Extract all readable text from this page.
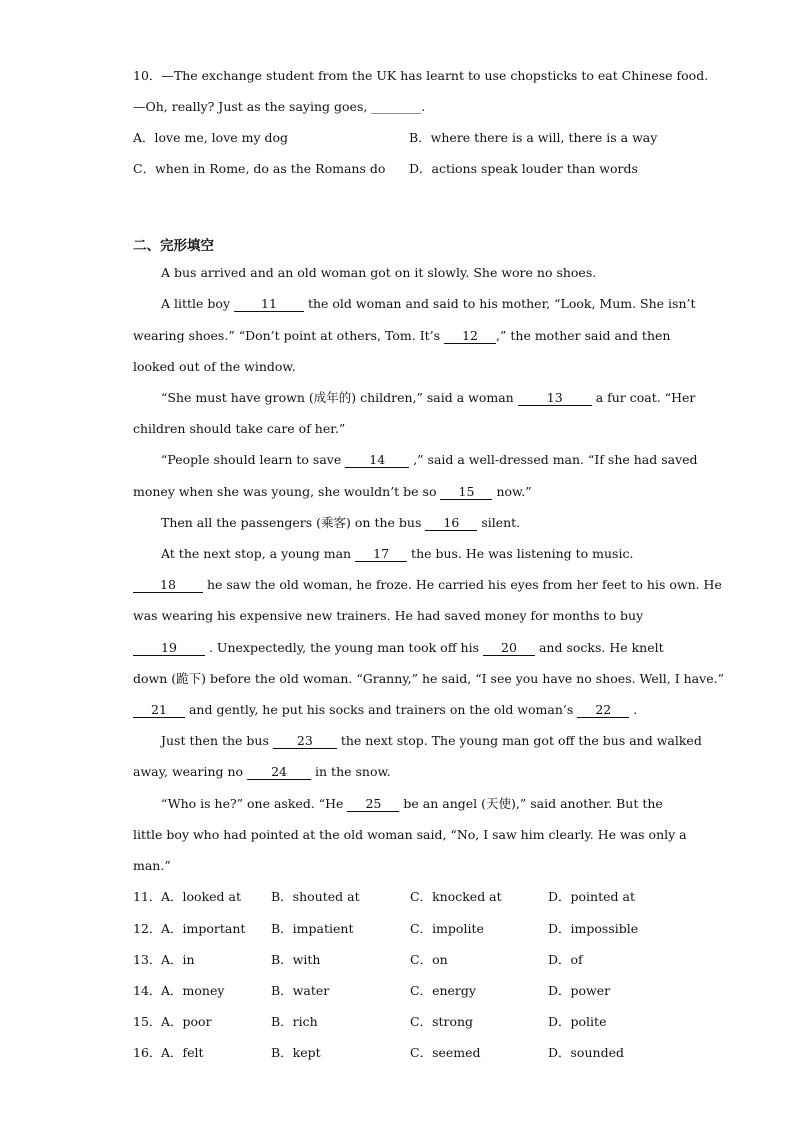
10．—The exchange student from the UK has learnt to use chopsticks to eat Chinese food.
—Oh, really? Just as the saying goes, ________.
A．love me, love my dog	B．where there is a will, there is a way
C．when in Rome, do as the Romans do D．actions speak louder than words
二、完形填空
A bus arrived and an old woman got on it slowly. She wore no shoes.
A little boy 11 the old woman and said to his mother, “Look, Mum. She isn’t
wearing shoes.” “Don’t point at others, Tom. It’s 12 ,” the mother said and then
looked out of the window.
“She must have grown (成年的) children,” said a woman 13 a fur coat. “Her
children should take care of her.”
“People should learn to save 14 ,” said a well-dressed man. “If she had saved
money when she was young, she wouldn’t be so 15 now.”
Then all the passengers (乘客) on the bus 16 silent.
At the next stop, a young man 17 the bus. He was listening to music.
18 he saw the old woman, he froze. He carried his eyes from her feet to his own. He
was wearing his expensive new trainers. He had saved money for months to buy
19 . Unexpectedly, the young man took off his 20 and socks. He knelt
down (跪下) before the old woman. “Granny,” he said, “I see you have no shoes. Well, I have.”
21 and gently, he put his socks and trainers on the old woman’s 22 .
Just then the bus 23 the next stop. The young man got off the bus and walked
away, wearing no 24 in the snow.
“Who is he?” one asked. “He 25 be an angel (天使),” said another. But the
little boy who had pointed at the old woman said, “No, I saw him clearly. He was only a
man.”
11． A．looked at B．shouted at	C．knocked at	D．pointed at
12． A．important B．impatient	C．impolite	D．impossible
13． A．in	B．with	C．on	D．of
14． A．money	B．water	C．energy	D．power
15． A．poor	B．rich	C．strong	D．polite
16． A．felt	B．kept	C．seemed	D．sounded
